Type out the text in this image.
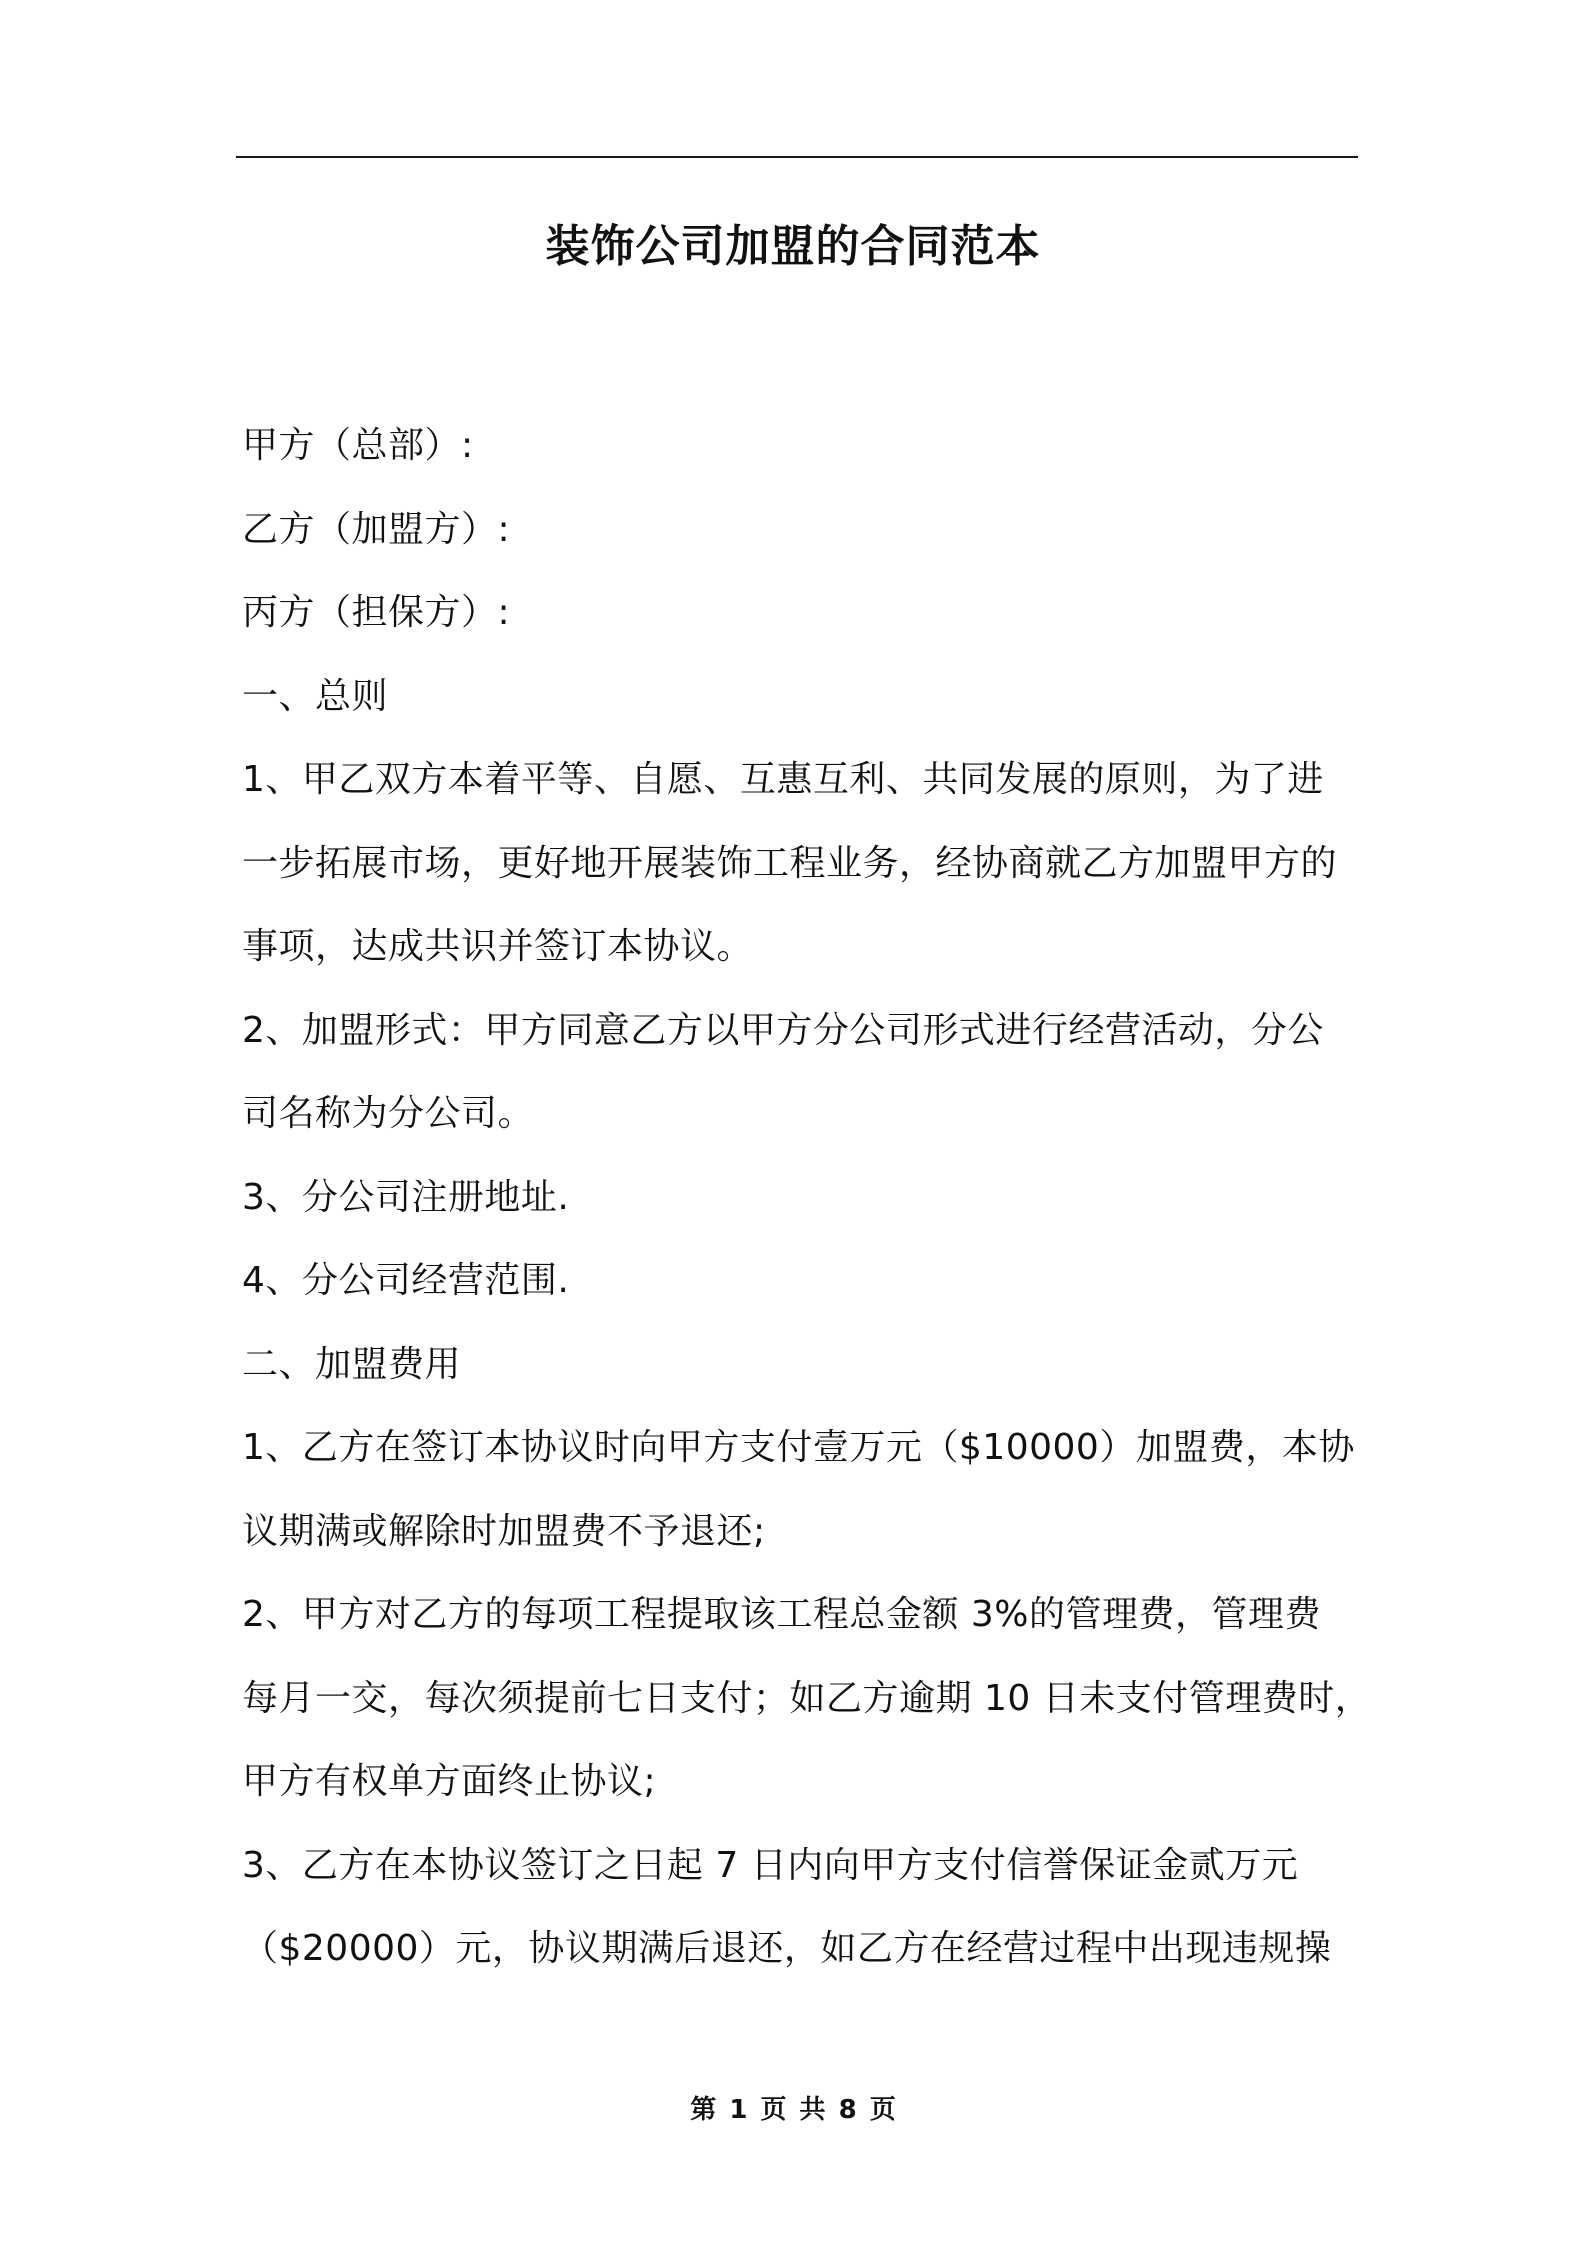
装饰公司加盟的合同范本
甲方（总部）:
乙方（加盟方）:
丙方（担保方）:
一、总则
1、甲乙双方本着平等、自愿、互惠互利、共同发展的原则，为了进
一步拓展市场，更好地开展装饰工程业务，经协商就乙方加盟甲方的
事项，达成共识并签订本协议。
2、加盟形式：甲方同意乙方以甲方分公司形式进行经营活动，分公
司名称为分公司。
3、分公司注册地址.
4、分公司经营范围.
二、加盟费用
1、乙方在签订本协议时向甲方支付壹万元（$10000）加盟费，本协
议期满或解除时加盟费不予退还;
2、甲方对乙方的每项工程提取该工程总金额 3%的管理费，管理费
每月一交，每次须提前七日支付；如乙方逾期 10 日未支付管理费时，
甲方有权单方面终止协议;
3、乙方在本协议签订之日起 7 日内向甲方支付信誉保证金贰万元
（$20000）元，协议期满后退还，如乙方在经营过程中出现违规操
第 1 页 共 8 页
